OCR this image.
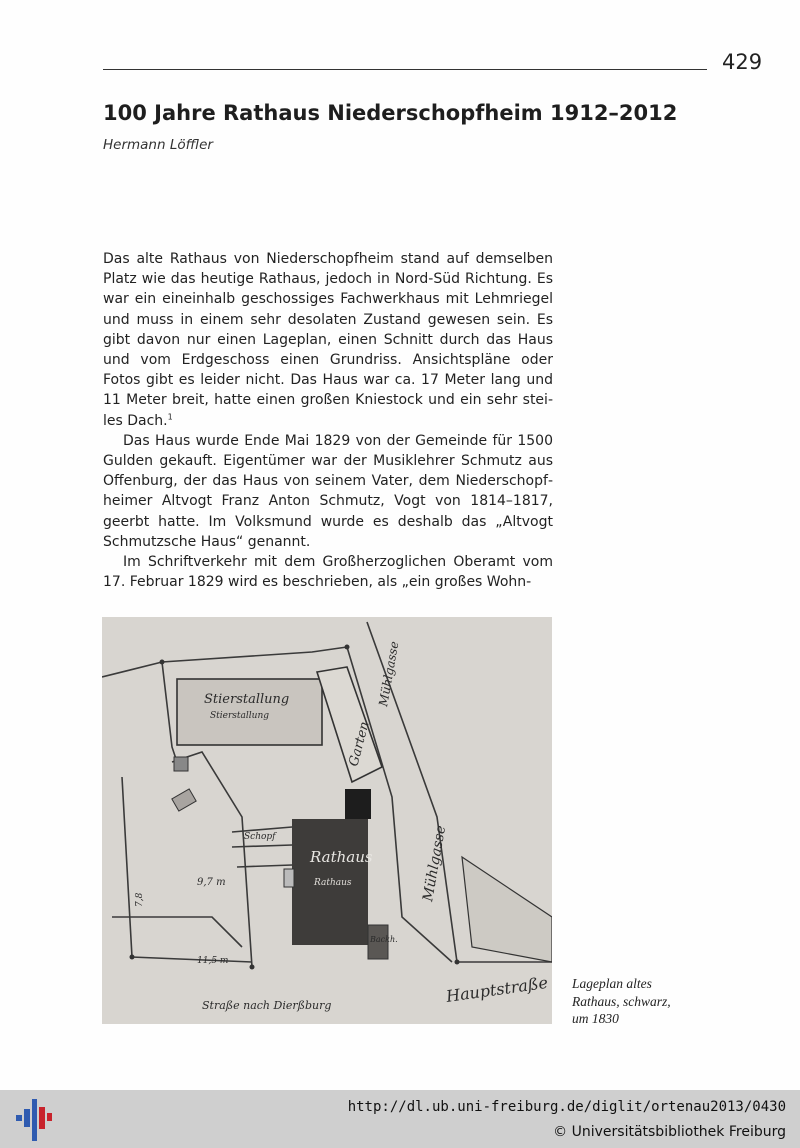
429
100 Jahre Rathaus Niederschopfheim 1912–2012
Hermann Löffler

Das alte Rathaus von Niederschopfheim stand auf demselben Platz wie das heutige Rathaus, jedoch in Nord-Süd Richtung. Es war ein eineinhalb geschossiges Fachwerkhaus mit Lehmriegel und muss in einem sehr desolaten Zustand gewesen sein. Es gibt davon nur einen Lageplan, einen Schnitt durch das Haus und vom Erdgeschoss einen Grundriss. Ansichtspläne oder Fotos gibt es leider nicht. Das Haus war ca. 17 Meter lang und 11 Meter breit, hatte einen großen Kniestock und ein sehr steiles Dach.$^1$

Das Haus wurde Ende Mai 1829 von der Gemeinde für 1500 Gulden gekauft. Eigentümer war der Musiklehrer Schmutz aus Offenburg, der das Haus von seinem Vater, dem Niederschopfheimer Altvogt Franz Anton Schmutz, Vogt von 1814–1817, geerbt hatte. Im Volksmund wurde es deshalb das „Altvogt Schmutzsche Haus“ genannt.

Im Schriftverkehr mit dem Großherzoglichen Oberamt vom 17. Februar 1829 wird es beschrieben, als „ein großes Wohn-

Stierstallung
Stierstallung
Garten
Mühlgasse
Schopf
Rathaus
Rathaus	Mühlgasse
9,7 m
11,5 m
7,8
Backh.
Straße nach Dierßburg	Hauptstraße Lageplan altes
Rathaus, schwarz,
um 1830
http://dl.ub.uni-freiburg.de/diglit/ortenau2013/0430
© Universitätsbibliothek Freiburg
